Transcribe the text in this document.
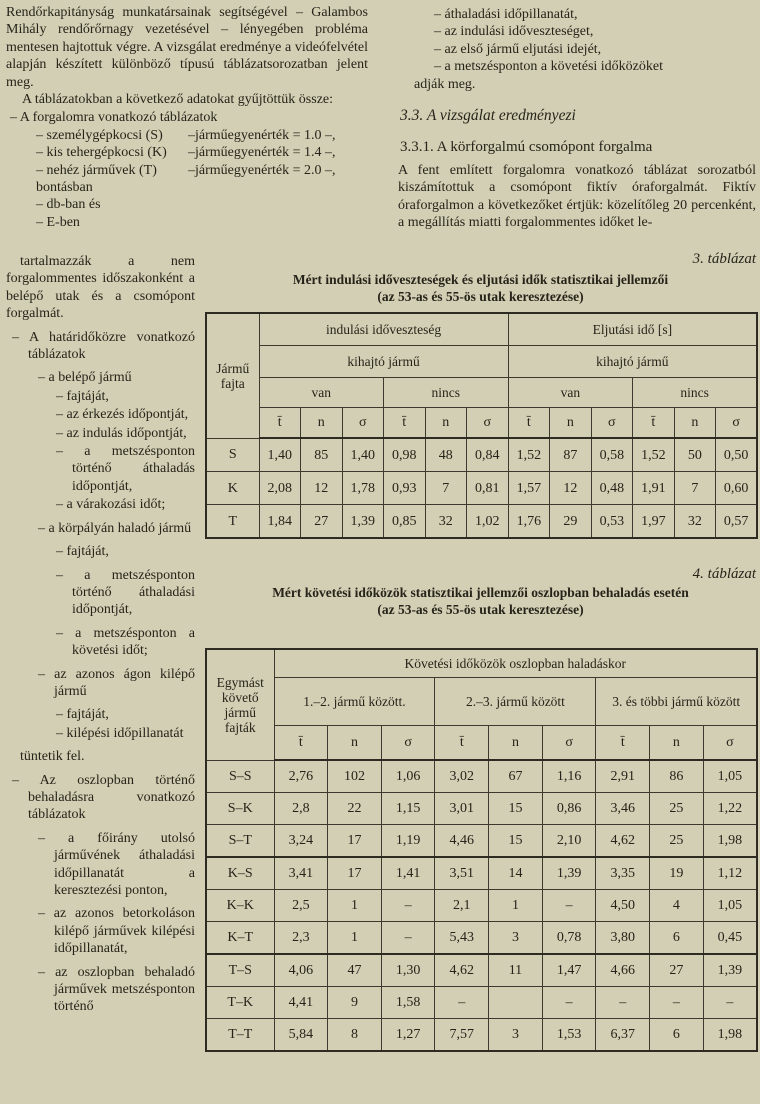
Rendőrkapitányság munkatársainak segítségével – Galambos Mihály rendőrőrnagy vezetésével – lényegében probléma mentesen hajtottuk végre. A vizsgálat eredménye a videófelvétel alapján készített különböző típusú táblázatsorozatban jelent meg.

A táblázatokban a következő adatokat gyűjtöttük össze:

– A forgalomra vonatkozó táblázatok
– személygépkocsi (S)	–járműegyenérték = 1.0 –,
– kis tehergépkocsi (K)	–járműegyenérték = 1.4 –,
– nehéz járművek (T)	–járműegyenérték = 2.0 –,
bontásban
– db-ban és
– E-ben
– áthaladási időpillanatát,
– az indulási időveszteséget,
– az első jármű eljutási idejét,
– a metszésponton a követési időközöket
adják meg.
3.3. A vizsgálat eredményezi
3.3.1. A körforgalmú csomópont forgalma

A fent említett forgalomra vonatkozó táblázat sorozatból kiszámítottuk a csomópont fiktív óraforgalmát. Fiktív óraforgalmon a következőket értjük: közelítőleg 20 percenként, a megállítás miatti forgalommentes időket le-

tartalmazzák a nem forgalommentes időszakonként a belépő utak és a csomópont forgalmát.
– A határidőközre vonatkozó táblázatok
– a belépő jármű
– fajtáját,
– az érkezés időpontját,
– az indulás időpontját,
– a metszésponton történő áthaladás időpontját,
– a várakozási időt;
– a körpályán haladó jármű
– fajtáját,
– a metszésponton történő áthaladási időpontját,
– a metszésponton a követési időt;
– az azonos ágon kilépő jármű
– fajtáját,
– kilépési időpillanatát
tüntetik fel.
– Az oszlopban történő behaladásra vonatkozó táblázatok
– a főirány utolsó járművének áthaladási időpillanatát a keresztezési ponton,
– az azonos betorkoláson kilépő járművek kilépési időpillanatát,
– az oszlopban behaladó járművek metszésponton történő
3. táblázat
Mért indulási időveszteségek és eljutási idők statisztikai jellemzői
(az 53-as és 55-ös utak keresztezése)
Jármű fajta	indulási időveszteség						Eljutási idő [s]					
	kihajtó jármű						kihajtó jármű					
	van			nincs			van			nincs		
	t̄	n	σ	t̄	n	σ	t̄	n	σ	t̄	n	σ
S	1,40	85	1,40	0,98	48	0,84	1,52	87	0,58	1,52	50	0,50
K	2,08	12	1,78	0,93	7	0,81	1,57	12	0,48	1,91	7	0,60
T	1,84	27	1,39	0,85	32	1,02	1,76	29	0,53	1,97	32	0,57
4. táblázat
Mért követési időközök statisztikai jellemzői oszlopban behaladás esetén
(az 53-as és 55-ös utak keresztezése)
Egymást követő jármű fajták	Követési időközök oszlopban haladáskor								
	1.–2. jármű között.			2.–3. jármű között			3. és többi jármű között		
	t̄	n	σ	t̄	n	σ	t̄	n	σ
S–S	2,76	102	1,06	3,02	67	1,16	2,91	86	1,05
S–K	2,8	22	1,15	3,01	15	0,86	3,46	25	1,22
S–T	3,24	17	1,19	4,46	15	2,10	4,62	25	1,98
K–S	3,41	17	1,41	3,51	14	1,39	3,35	19	1,12
K–K	2,5	1	–	2,1	1	–	4,50	4	1,05
K–T	2,3	1	–	5,43	3	0,78	3,80	6	0,45
T–S	4,06	47	1,30	4,62	11	1,47	4,66	27	1,39
T–K	4,41	9	1,58	–		–	–	–	–
T–T	5,84	8	1,27	7,57	3	1,53	6,37	6	1,98
